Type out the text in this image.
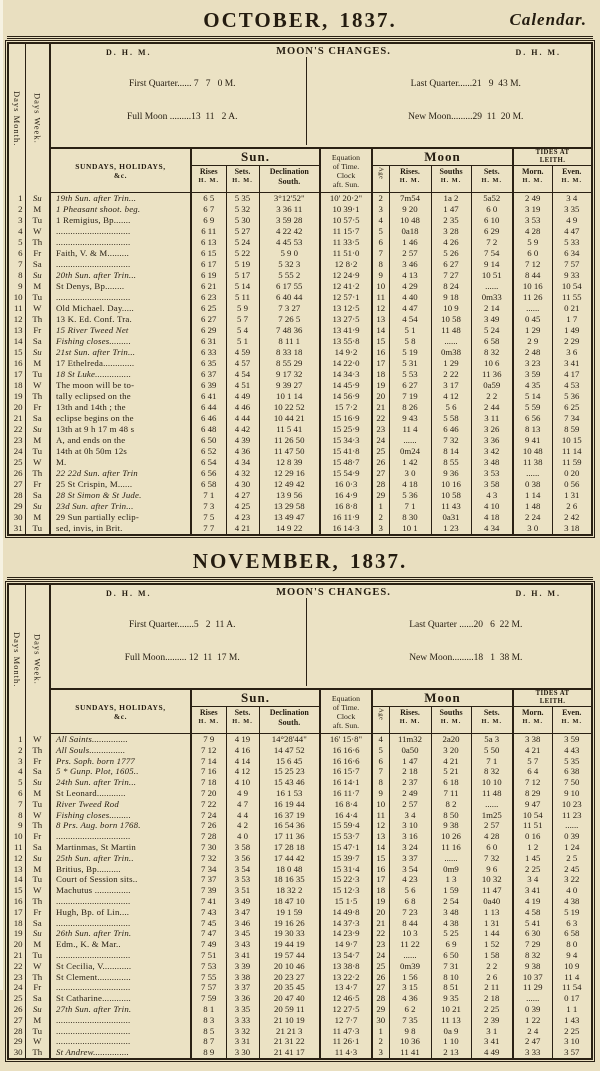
OCTOBER, 1837.	Calendar.
Days Month.	Days Week.	
D. H. M.	MOON'S CHANGES.	D. H. M.

First Quarter...... 7   7   0 M.

Full Moon .........13  11   2 A.

Last Quarter......21   9  43 M.

New Moon.........29  11  20 M.

SUNDAYS, HOLIDAYS,
&c.
	Sun.	Equation
of Time.
Clock
aft. Sun.
	Moon	TIDES AT
LEITH.

Rises
H. M.

Sets.
H. M.

Declination
South.
	Age	Rises.
H. M.

Souths
H. M.

Sets.
H. M.

Morn.
H. M.

Even.
H. M.

1	Su	19th Sun. after Trin...	6 5	5 35	3°12'52"	10' 20·2"	2	7m54	1a 2	5a52	2 49	3 4
2	M	1 Pheasant shoot. beg.	6 7	5 32	3 36 11	10 39·1	3	9 20	1 47	6 0	3 19	3 35
3	Tu	1 Remigius, Bp.......	6 9	5 30	3 59 28	10 57·5	4	10 48	2 35	6 10	3 53	4 9
4	W	...............................	6 11	5 27	4 22 42	11 15·7	5	0a18	3 28	6 29	4 28	4 47
5	Th	...............................	6 13	5 24	4 45 53	11 33·5	6	1 46	4 26	7 2	5 9	5 33
6	Fr	Faith, V. & M.........	6 15	5 22	5 9 0	11 51·0	7	2 57	5 26	7 54	6 0	6 34
7	Sa	...............................	6 17	5 19	5 32 3	12 8·2	8	3 46	6 27	9 14	7 12	7 57
8	Su	20th Sun. after Trin...	6 19	5 17	5 55 2	12 24·9	9	4 13	7 27	10 51	8 44	9 33
9	M	St Denys, Bp........	6 21	5 14	6 17 55	12 41·2	10	4 29	8 24	......	10 16	10 54
10	Tu	...............................	6 23	5 11	6 40 44	12 57·1	11	4 40	9 18	0m33	11 26	11 55
11	W	Old Michael. Day.....	6 25	5 9	7 3 27	13 12·5	12	4 47	10 9	2 14	......	0 21
12	Th	13 K. Ed. Conf. Tra.	6 27	5 7	7 26 5	13 27·5	13	4 54	10 58	3 49	0 45	1 7
13	Fr	15 River Tweed Net	6 29	5 4	7 48 36	13 41·9	14	5 1	11 48	5 24	1 29	1 49
14	Sa	Fishing closes.........	6 31	5 1	8 11 1	13 55·8	15	5 8	......	6 58	2 9	2 29
15	Su	21st Sun. after Trin...	6 33	4 59	8 33 18	14 9·2	16	5 19	0m38	8 32	2 48	3 6
16	M	17 Ethelreda.............	6 35	4 57	8 55 29	14 22·0	17	5 31	1 29	10 6	3 23	3 41
17	Tu	18 St Luke...............	6 37	4 54	9 17 32	14 34·3	18	5 53	2 22	11 36	3 59	4 17
18	W	The moon will be to-	6 39	4 51	9 39 27	14 45·9	19	6 27	3 17	0a59	4 35	4 53
19	Th	tally eclipsed on the	6 41	4 49	10 1 14	14 56·9	20	7 19	4 12	2 2	5 14	5 36
20	Fr	13th and 14th ; the	6 44	4 46	10 22 52	15 7·2	21	8 26	5 6	2 44	5 59	6 25
21	Sa	eclipse begins on the	6 46	4 44	10 44 21	15 16·9	22	9 43	5 58	3 11	6 56	7 34
22	Su	13th at 9 h 17 m 48 s	6 48	4 42	11 5 41	15 25·9	23	11 4	6 46	3 26	8 13	8 59
23	M	A, and ends on the	6 50	4 39	11 26 50	15 34·3	24	......	7 32	3 36	9 41	10 15
24	Tu	14th at 0h 50m 12s	6 52	4 36	11 47 50	15 41·8	25	0m24	8 14	3 42	10 48	11 14
25	W	M.	6 54	4 34	12 8 39	15 48·7	26	1 42	8 55	3 48	11 38	11 59
26	Th	22 22d Sun. after Trin	6 56	4 32	12 29 16	15 54·9	27	3 0	9 36	3 53	......	0 20
27	Fr	25 St Crispin, M......	6 58	4 30	12 49 42	16 0·3	28	4 18	10 16	3 58	0 38	0 56
28	Sa	28 St Simon & St Jude.	7 1	4 27	13 9 56	16 4·9	29	5 36	10 58	4 3	1 14	1 31
29	Su	23d Sun. after Trin...	7 3	4 25	13 29 58	16 8·8	1	7 1	11 43	4 10	1 48	2 6
30	M	29 Sun partially eclip-	7 5	4 23	13 49 47	16 11·9	2	8 30	0a31	4 18	2 24	2 42
31	Tu	sed, invis, in Brit.	7 7	4 21	14 9 22	16 14·3	3	10 1	1 23	4 34	3 0	3 18
NOVEMBER, 1837.
Days Month.	Days Week.	
D. H. M.	MOON'S CHANGES.	D. H. M.

First Quarter.......5   2  11 A.

Full Moon......... 12  11  17 M.

Last Quarter ......20   6  22 M.

New Moon.........18   1  38 M.

SUNDAYS, HOLIDAYS,
&c.
	Sun.	Equation
of Time.
Clock
aft. Sun.
	Moon	TIDES AT
LEITH.

Rises
H. M.

Sets.
H. M.

Declination
South.
	Age	Rises.
H. M.

Souths
H. M.

Sets.
H. M.

Morn.
H. M.

Even.
H. M.

1	W	All Saints...............	7 9	4 19	14°28'44"	16' 15·8"	4	11m32	2a20	5a 3	3 38	3 59
2	Th	All Souls...............	7 12	4 16	14 47 52	16 16·6	5	0a50	3 20	5 50	4 21	4 43
3	Fr	Prs. Soph. born 1777	7 14	4 14	15 6 45	16 16·6	6	1 47	4 21	7 1	5 7	5 35
4	Sa	5 * Gunp. Plot, 1605..	7 16	4 12	15 25 23	16 15·7	7	2 18	5 21	8 32	6 4	6 38
5	Su	24th Sun. after Trin...	7 18	4 10	15 43 46	16 14·1	8	2 37	6 18	10 10	7 12	7 50
6	M	St Leonard............	7 20	4 9	16 1 53	16 11·7	9	2 49	7 11	11 48	8 29	9 10
7	Tu	River Tweed Rod	7 22	4 7	16 19 44	16 8·4	10	2 57	8 2	......	9 47	10 23
8	W	Fishing closes.........	7 24	4 4	16 37 19	16 4·4	11	3 4	8 50	1m25	10 54	11 23
9	Th	8 Prs. Aug. born 1768.	7 26	4 2	16 54 36	15 59·4	12	3 10	9 38	2 57	11 51	......
10	Fr	...............................	7 28	4 0	17 11 36	15 53·7	13	3 16	10 26	4 28	0 16	0 39
11	Sa	Martinmas, St Martin	7 30	3 58	17 28 18	15 47·1	14	3 24	11 16	6 0	1 2	1 24
12	Su	25th Sun. after Trin..	7 32	3 56	17 44 42	15 39·7	15	3 37	......	7 32	1 45	2 5
13	M	Britius, Bp..........	7 34	3 54	18 0 48	15 31·4	16	3 54	0m9	9 6	2 25	2 45
14	Tu	Court of Session sits..	7 37	3 53	18 16 35	15 22·3	17	4 23	1 3	10 32	3 4	3 22
15	W	Machutus ...............	7 39	3 51	18 32 2	15 12·3	18	5 6	1 59	11 47	3 41	4 0
16	Th	...............................	7 41	3 49	18 47 10	15 1·5	19	6 8	2 54	0a40	4 19	4 38
17	Fr	Hugh, Bp. of Lin....	7 43	3 47	19 1 59	14 49·8	20	7 23	3 48	1 13	4 58	5 19
18	Sa	...............................	7 45	3 46	19 16 26	14 37·3	21	8 44	4 38	1 31	5 41	6 3
19	Su	26th Sun. after Trin.	7 47	3 45	19 30 33	14 23·9	22	10 3	5 25	1 44	6 30	6 58
20	M	Edm., K. & Mar..	7 49	3 43	19 44 19	14 9·7	23	11 22	6 9	1 52	7 29	8 0
21	Tu	...............................	7 51	3 41	19 57 44	13 54·7	24	......	6 50	1 58	8 32	9 4
22	W	St Cecilia, V............	7 53	3 39	20 10 46	13 38·8	25	0m39	7 31	2 2	9 38	10 9
23	Th	St Clement..............	7 55	3 38	20 23 27	13 22·2	26	1 56	8 10	2 6	10 37	11 4
24	Fr	...............................	7 57	3 37	20 35 45	13 4·7	27	3 15	8 51	2 11	11 29	11 54
25	Sa	St Catharine............	7 59	3 36	20 47 40	12 46·5	28	4 36	9 35	2 18	......	0 17
26	Su	27th Sun. after Trin.	8 1	3 35	20 59 11	12 27·5	29	6 2	10 21	2 25	0 39	1 1
27	M	...............................	8 3	3 33	21 10 19	12 7·7	30	7 35	11 13	2 39	1 22	1 43
28	Tu	...............................	8 5	3 32	21 21 3	11 47·3	1	9 8	0a 9	3 1	2 4	2 25
29	W	...............................	8 7	3 31	21 31 22	11 26·1	2	10 36	1 10	3 41	2 47	3 10
30	Th	St Andrew...............	8 9	3 30	21 41 17	11 4·3	3	11 41	2 13	4 49	3 33	3 57
